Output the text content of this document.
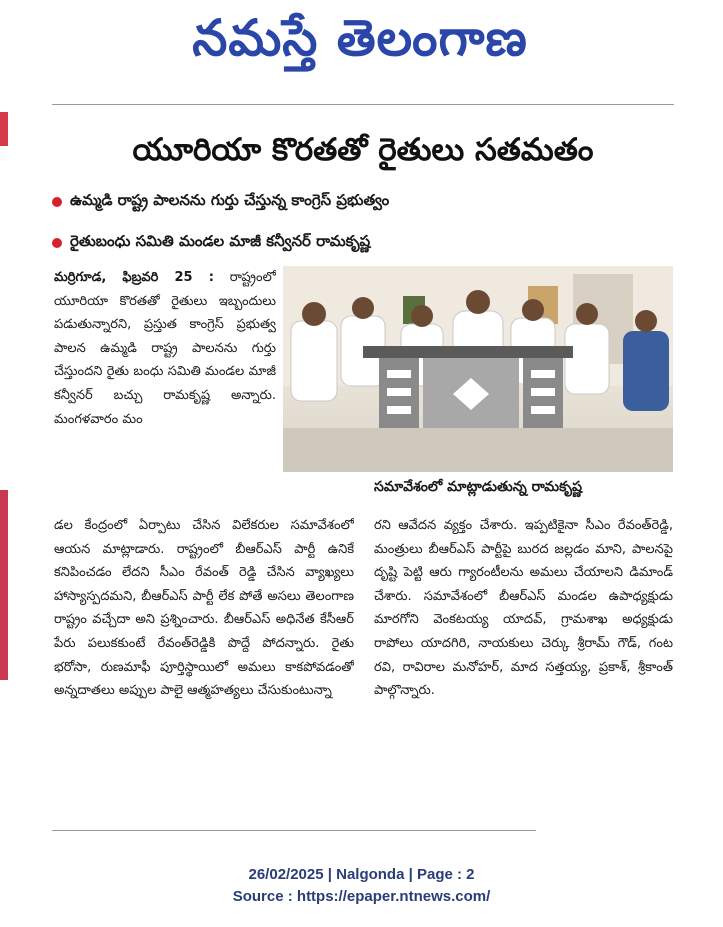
నమస్తే తెలంగాణ
యూరియా కొరతతో రైతులు సతమతం
ఉమ్మడి రాష్ట్ర పాలనను గుర్తు చేస్తున్న కాంగ్రెస్ ప్రభుత్వం
రైతుబంధు సమితి మండల మాజీ కన్వీనర్ రామకృష్ణ
మర్రిగూడ, ఫిబ్రవరి 25 : రాష్ట్రంలో యూరియా కొరతతో రైతులు ఇబ్బందులు పడుతున్నారని, ప్రస్తుత కాంగ్రెస్ ప్రభుత్వ పాలన ఉమ్మడి రాష్ట్ర పాలనను గుర్తు చేస్తుందని రైతు బంధు సమితి మండల మాజీ కన్వీనర్ బచ్చు రామకృష్ణ అన్నారు. మంగళవారం మం
సమావేశంలో మాట్లాడుతున్న రామకృష్ణ
డల కేంద్రంలో ఏర్పాటు చేసిన విలేకరుల సమావేశంలో ఆయన మాట్లాడారు. రాష్ట్రంలో బీఆర్ఎస్ పార్టీ ఉనికే కనిపించడం లేదని సీఎం రేవంత్ రెడ్డి చేసిన వ్యాఖ్యలు హాస్యాస్పదమని, బీఆర్ఎస్ పార్టీ లేక పోతే అసలు తెలంగాణ రాష్ట్రం వచ్చేదా అని ప్రశ్నించారు. బీఆర్ఎస్ అధినేత కేసీఆర్ పేరు పలుకకుంటే రేవంత్‌రెడ్డికి పొద్దే పోదన్నారు. రైతు భరోసా, రుణమాఫీ పూర్తిస్థాయిలో అమలు కాకపోవడంతో అన్నదాతలు అప్పుల పాలై ఆత్మహత్యలు చేసుకుంటున్నా
రని ఆవేదన వ్యక్తం చేశారు. ఇప్పటికైనా సీఎం రేవంత్‌రెడ్డి, మంత్రులు బీఆర్ఎస్ పార్టీపై బురద జల్లడం మాని, పాలనపై దృష్టి పెట్టి ఆరు గ్యారంటీలను అమలు చేయాలని డిమాండ్ చేశారు. సమావేశంలో బీఆర్ఎస్ మండల ఉపాధ్యక్షుడు మారగోని వెంకటయ్య యాదవ్, గ్రామశాఖ అధ్యక్షుడు రాపోలు యాదగిరి, నాయకులు చెర్కు శ్రీరామ్ గౌడ్, గంట రవి, రావిరాల మనోహర్, మాద సత్తయ్య, ప్రకాశ్, శ్రీకాంత్ పాల్గొన్నారు.
26/02/2025 | Nalgonda | Page : 2
Source : https://epaper.ntnews.com/
